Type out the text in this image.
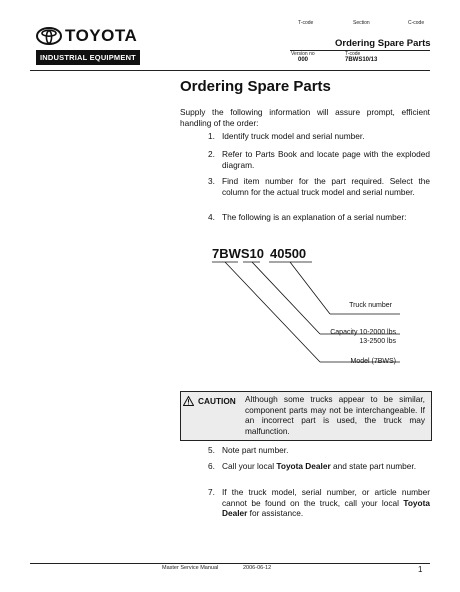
TOYOTA
INDUSTRIAL EQUIPMENT
T-code	Section	C-code
Ordering Spare Parts
Version no	T-code
000	7BWS10/13
Ordering Spare Parts
Supply the following information will assure prompt, efficient handling of the order:
1. Identify truck model and serial number.
2. Refer to Parts Book and locate page with the exploded diagram.
3. Find item number for the part required. Select the column for the actual truck model and serial number.
4. The following is an explanation of a serial number:
7BWS10 40500
Truck number
Capacity 10-2000 lbs
13-2500 lbs
Model (7BWS)
CAUTION Although some trucks appear to be similar, component parts may not be interchangeable. If an incorrect part is used, the truck may malfunction.
5. Note part number.
6. Call your local Toyota Dealer and state part number.
7. If the truck model, serial number, or article number cannot be found on the truck, call your local Toyota Dealer for assistance.
Master Service Manual	2006-06-12	1
